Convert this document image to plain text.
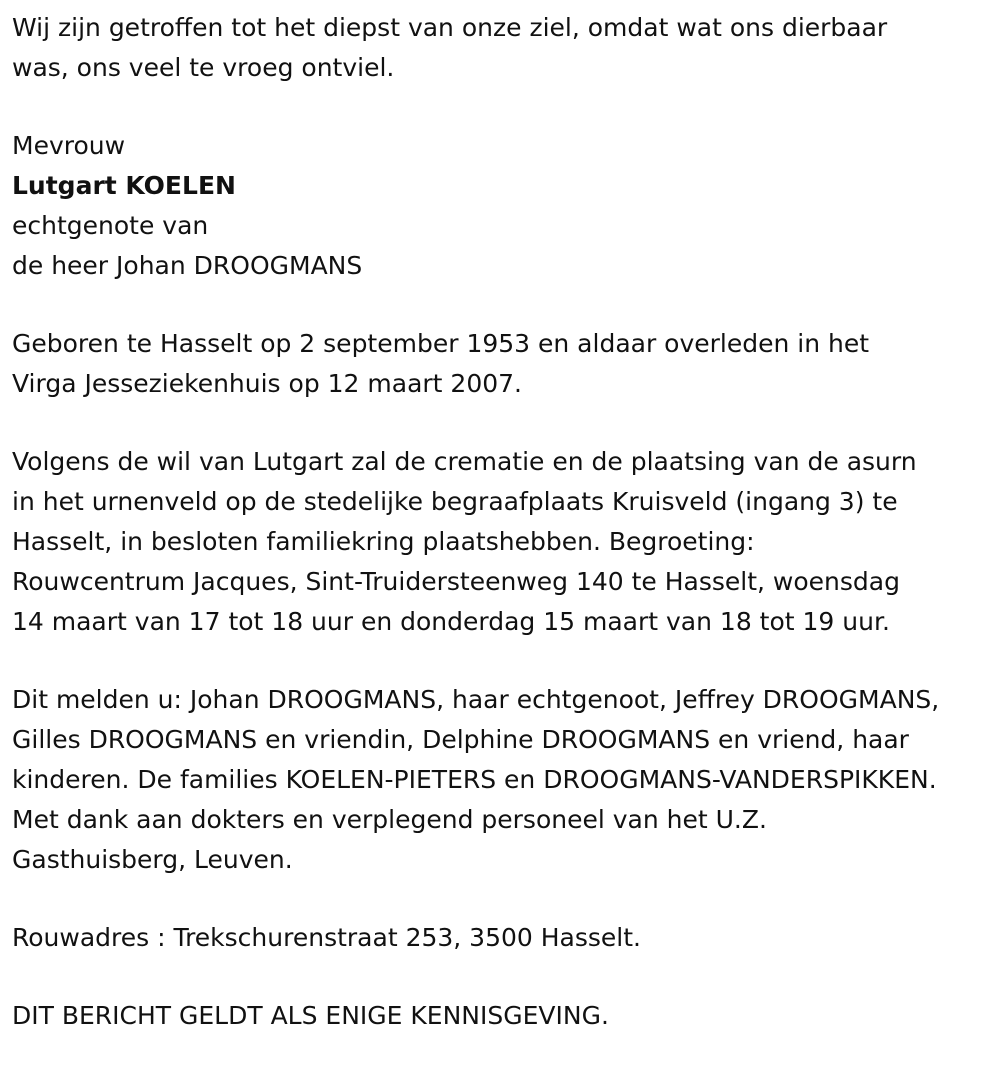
Wij zijn getroffen tot het diepst van onze ziel, omdat wat ons dierbaar
was, ons veel te vroeg ontviel.
Mevrouw
Lutgart KOELEN
echtgenote van
de heer Johan DROOGMANS
Geboren te Hasselt op 2 september 1953 en aldaar overleden in het
Virga Jesseziekenhuis op 12 maart 2007.
Volgens de wil van Lutgart zal de crematie en de plaatsing van de asurn
in het urnenveld op de stedelijke begraafplaats Kruisveld (ingang 3) te
Hasselt, in besloten familiekring plaatshebben. Begroeting:
Rouwcentrum Jacques, Sint-Truidersteenweg 140 te Hasselt, woensdag
14 maart van 17 tot 18 uur en donderdag 15 maart van 18 tot 19 uur.
Dit melden u: Johan DROOGMANS, haar echtgenoot, Jeffrey DROOGMANS,
Gilles DROOGMANS en vriendin, Delphine DROOGMANS en vriend, haar
kinderen. De families KOELEN-PIETERS en DROOGMANS-VANDERSPIKKEN.
Met dank aan dokters en verplegend personeel van het U.Z.
Gasthuisberg, Leuven.
Rouwadres : Trekschurenstraat 253, 3500 Hasselt.
DIT BERICHT GELDT ALS ENIGE KENNISGEVING.
